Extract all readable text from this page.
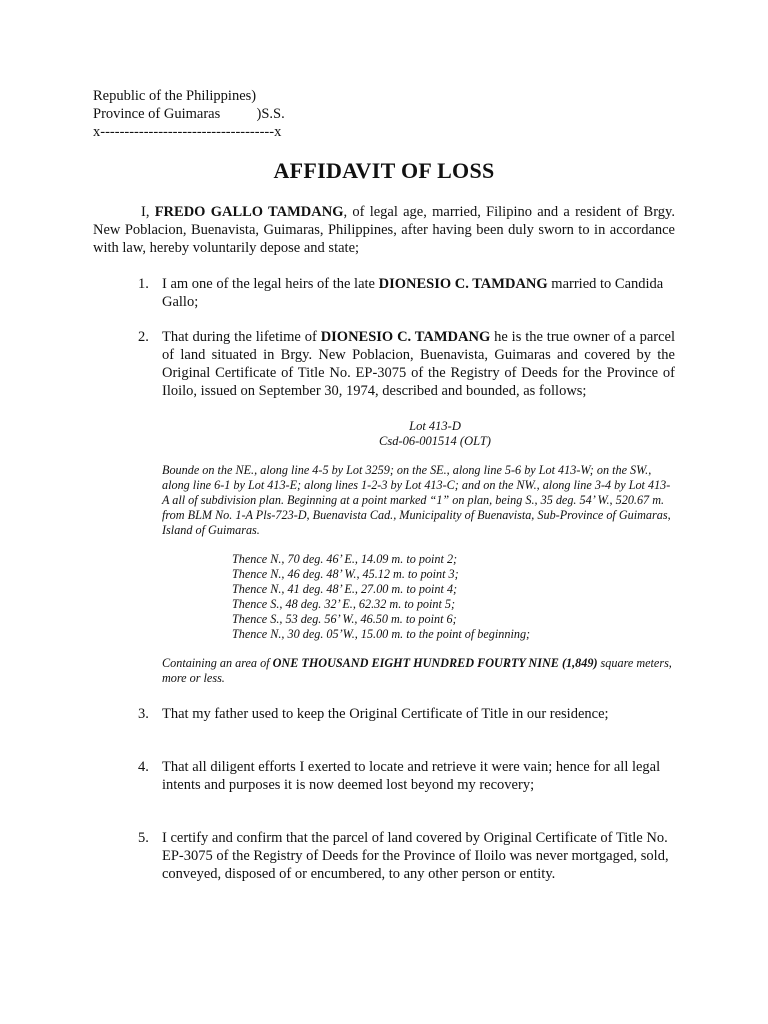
Republic of the Philippines)
Province of Guimaras          )S.S.
x------------------------------------x
AFFIDAVIT OF LOSS
I, FREDO GALLO TAMDANG, of legal age, married, Filipino and a resident of Brgy. New Poblacion, Buenavista, Guimaras, Philippines, after having been duly sworn to in accordance with law, hereby voluntarily depose and state;
1. I am one of the legal heirs of the late DIONESIO C. TAMDANG married to Candida Gallo;
2. That during the lifetime of DIONESIO C. TAMDANG he is the true owner of a parcel of land situated in Brgy. New Poblacion, Buenavista, Guimaras and covered by the Original Certificate of Title No. EP-3075 of the Registry of Deeds for the Province of Iloilo, issued on September 30, 1974, described and bounded, as follows;
Lot 413-D
Csd-06-001514 (OLT)
Bounde on the NE., along line 4-5 by Lot 3259; on the SE., along line 5-6 by Lot 413-W; on the SW., along line 6-1 by Lot 413-E; along lines 1-2-3 by Lot 413-C; and on the NW., along line 3-4 by Lot 413-A all of subdivision plan. Beginning at a point marked “1” on plan, being S., 35 deg. 54’ W., 520.67 m. from BLM No. 1-A Pls-723-D, Buenavista Cad., Municipality of Buenavista, Sub-Province of Guimaras, Island of Guimaras.
Thence N., 70 deg. 46’ E., 14.09 m. to point 2;
Thence N., 46 deg. 48’ W., 45.12 m. to point 3;
Thence N., 41 deg. 48’ E., 27.00 m. to point 4;
Thence S., 48 deg. 32’ E., 62.32 m. to point 5;
Thence S., 53 deg. 56’ W., 46.50 m. to point 6;
Thence N., 30 deg. 05’W., 15.00 m. to the point of beginning;
Containing an area of ONE THOUSAND EIGHT HUNDRED FOURTY NINE (1,849) square meters, more or less.
3. That my father used to keep the Original Certificate of Title in our residence;
4. That all diligent efforts I exerted to locate and retrieve it were vain; hence for all legal intents and purposes it is now deemed lost beyond my recovery;
5. I certify and confirm that the parcel of land covered by Original Certificate of Title No. EP-3075 of the Registry of Deeds for the Province of Iloilo was never mortgaged, sold, conveyed, disposed of or encumbered, to any other person or entity.
